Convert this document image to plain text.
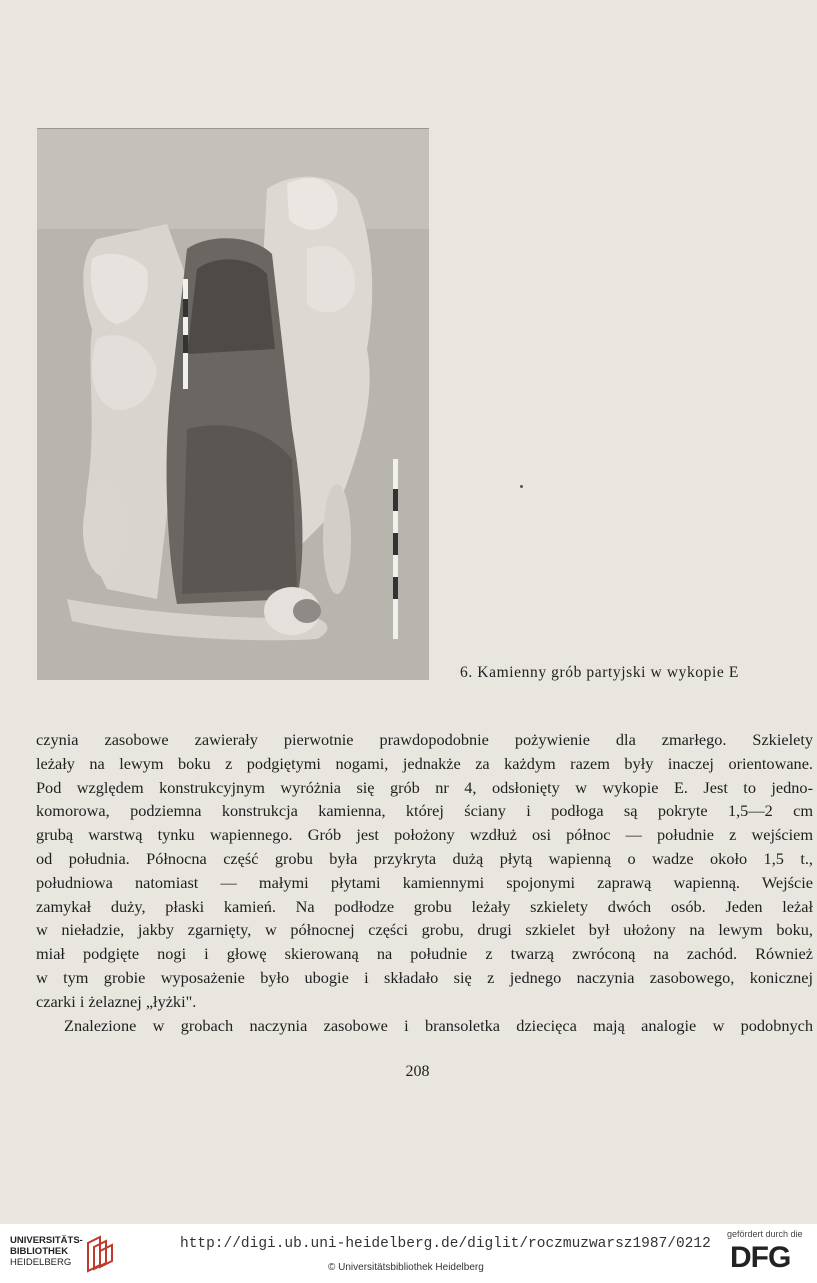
6. Kamienny grób partyjski w wykopie E
czynia zasobowe zawierały pierwotnie prawdopodobnie pożywienie dla zmarłego. Szkielety
leżały na lewym boku z podgiętymi nogami, jednakże za każdym razem były inaczej orientowane.
Pod względem konstrukcyjnym wyróżnia się grób nr 4, odsłonięty w wykopie E. Jest to jedno-
komorowa, podziemna konstrukcja kamienna, której ściany i podłoga są pokryte 1,5—2 cm
grubą warstwą tynku wapiennego. Grób jest położony wzdłuż osi północ — południe z wejściem
od południa. Północna część grobu była przykryta dużą płytą wapienną o wadze około 1,5 t.,
południowa natomiast — małymi płytami kamiennymi spojonymi zaprawą wapienną. Wejście
zamykał duży, płaski kamień. Na podłodze grobu leżały szkielety dwóch osób. Jeden leżał
w nieładzie, jakby zgarnięty, w północnej części grobu, drugi szkielet był ułożony na lewym boku,
miał podgięte nogi i głowę skierowaną na południe z twarzą zwróconą na zachód. Również
w tym grobie wyposażenie było ubogie i składało się z jednego naczynia zasobowego, konicznej
czarki i żelaznej „łyżki".
Znalezione w grobach naczynia zasobowe i bransoletka dziecięca mają analogie w podobnych
208
UNIVERSITÄTS-
BIBLIOTHEK
HEIDELBERG
http://digi.ub.uni-heidelberg.de/diglit/roczmuzwarsz1987/0212
© Universitätsbibliothek Heidelberg
gefördert durch die
DFG
